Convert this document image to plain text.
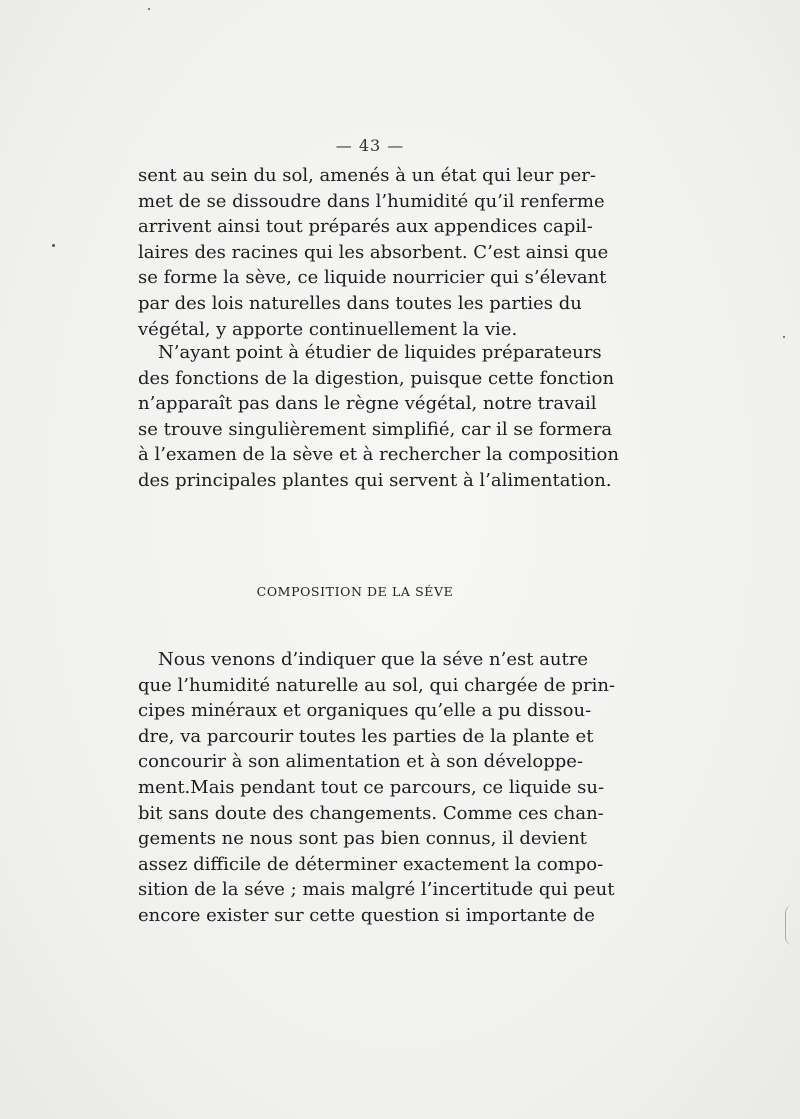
— 43 —
sent au sein du sol, amenés à un état qui leur per-
met de se dissoudre dans l’humidité qu’il renferme
arrivent ainsi tout préparés aux appendices capil-
laires des racines qui les absorbent. C’est ainsi que
se forme la sève, ce liquide nourricier qui s’élevant
par des lois naturelles dans toutes les parties du
végétal, y apporte continuellement la vie.
N’ayant point à étudier de liquides préparateurs
des fonctions de la digestion, puisque cette fonction
n’apparaît pas dans le règne végétal, notre travail
se trouve singulièrement simplifié, car il se formera
à l’examen de la sève et à rechercher la composition
des principales plantes qui servent à l’alimentation.
COMPOSITION DE LA SÉVE
Nous venons d’indiquer que la séve n’est autre
que l’humidité naturelle au sol, qui chargée de prin-
cipes minéraux et organiques qu’elle a pu dissou-
dre, va parcourir toutes les parties de la plante et
concourir à son alimentation et à son développe-
ment.Mais pendant tout ce parcours, ce liquide su-
bit sans doute des changements. Comme ces chan-
gements ne nous sont pas bien connus, il devient
assez difficile de déterminer exactement la compo-
sition de la séve ; mais malgré l’incertitude qui peut
encore exister sur cette question si importante de
